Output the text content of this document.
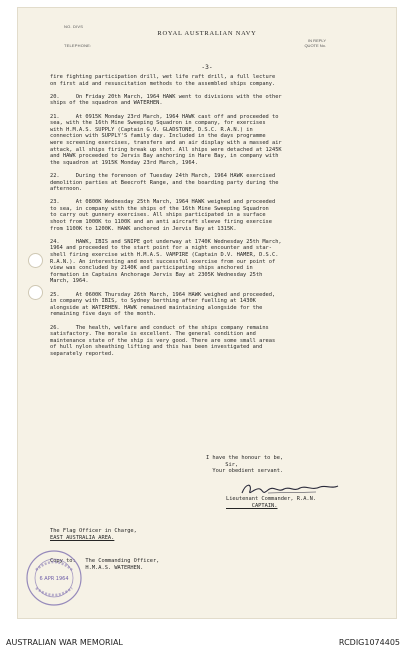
NO. DIVS
TELEPHONE:
ROYAL AUSTRALIAN NAVY
IN REPLY
QUOTE No.
-3-

fire fighting participation drill, wet life raft drill, a full lecture
on first aid and resuscitation methods to the assembled ships company.

20.     On Friday 20th March, 1964 HAWK went to divisions with the other
ships of the squadron and WATERHEN.

21.     At 0915K Monday 23rd March, 1964 HAWK cast off and proceeded to
sea, with the 16th Mine Sweeping Squadron in company, for exercises
with H.M.A.S. SUPPLY (Captain G.V. GLADSTONE, D.S.C. R.A.N.) in
connection with SUPPLY'S family day. Included in the days programme
were screening exercises, transfers and an air display with a massed air
attack, all ships firing break up shot. All ships were detached at 1245K
and HAWK proceeded to Jervis Bay anchoring in Hare Bay, in company with
the squadron at 1915K Monday 23rd March, 1964.

22.     During the forenoon of Tuesday 24th March, 1964 HAWK exercised
demolition parties at Beecroft Range, and the boarding party during the
afternoon.

23.     At 0800K Wednesday 25th March, 1964 HAWK weighed and proceeded
to sea, in company with the ships of the 16th Mine Sweeping Squadron
to carry out gunnery exercises. All ships participated in a surface
shoot from 1000K to 1100K and an anti aircraft sleeve firing exercise
from 1100K to 1200K. HAWK anchored in Jervis Bay at 1315K.

24.     HAWK, IBIS and SNIPE got underway at 1740K Wednesday 25th March,
1964 and proceeded to the start point for a night encounter and star-
shell firing exercise with H.M.A.S. VAMPIRE (Captain D.V. HAMER, D.S.C.
R.A.N.). An interesting and most successful exercise from our point of
view was concluded by 2140K and participating ships anchored in
formation in Captains Anchorage Jervis Bay at 2305K Wednesday 25th
March, 1964.

25.     At 0600K Thursday 26th March, 1964 HAWK weighed and proceeded,
in company with IBIS, to Sydney berthing after fuelling at 1430K
alongside at WATERHEN. HAWK remained maintaining alongside for the
remaining five days of the month.

26.     The health, welfare and conduct of the ships company remains
satisfactory. The morale is excellent. The general condition and
maintenance state of the ship is very good. There are some small areas
of hull nylon sheathing lifting and this has been investigated and
separately reported.

I have the honour to be,
Sir,
Your obedient servant.
Lieutenant Commander, R.A.N.
CAPTAIN.
The Flag Officer in Charge,
EAST AUSTRALIA AREA.
Copy to:   The Commanding Officer,
H.M.A.S. WATERHEN.
6 APR 1964
AUSTRALIAN WAR MEMORIAL	RCDIG1074405
